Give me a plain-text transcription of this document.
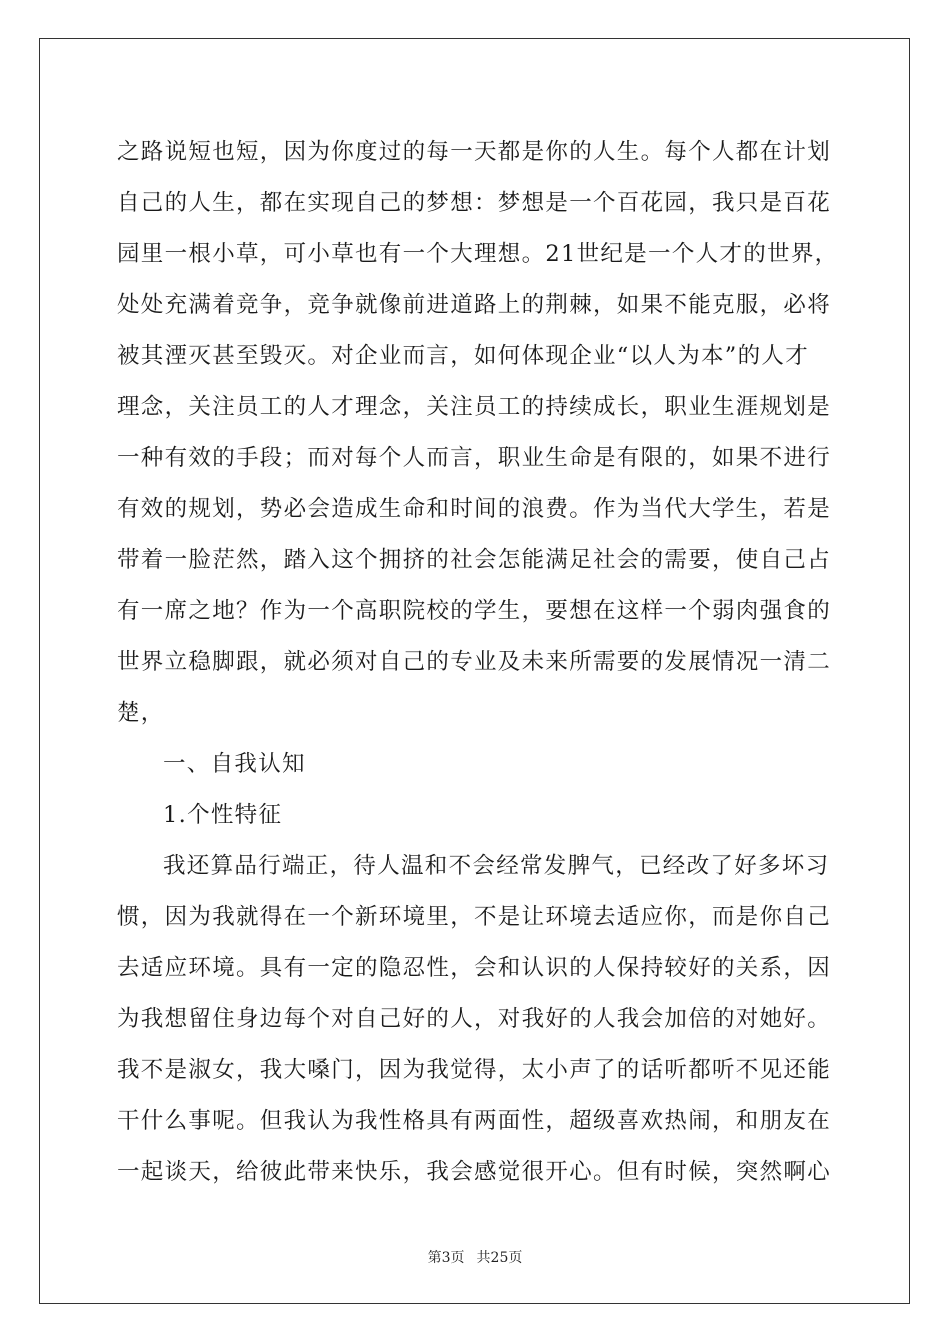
之路说短也短，因为你度过的每一天都是你的人生。每个人都在计划
自己的人生，都在实现自己的梦想：梦想是一个百花园，我只是百花
园里一根小草，可小草也有一个大理想。21世纪是一个人才的世界，
处处充满着竞争，竞争就像前进道路上的荆棘，如果不能克服，必将
被其湮灭甚至毁灭。对企业而言，如何体现企业“以人为本”的人才
理念，关注员工的人才理念，关注员工的持续成长，职业生涯规划是
一种有效的手段；而对每个人而言，职业生命是有限的，如果不进行
有效的规划，势必会造成生命和时间的浪费。作为当代大学生，若是
带着一脸茫然，踏入这个拥挤的社会怎能满足社会的需要，使自己占
有一席之地？作为一个高职院校的学生，要想在这样一个弱肉强食的
世界立稳脚跟，就必须对自己的专业及未来所需要的发展情况一清二
楚，
一、自我认知
1.个性特征
我还算品行端正，待人温和不会经常发脾气，已经改了好多坏习
惯，因为我就得在一个新环境里，不是让环境去适应你，而是你自己
去适应环境。具有一定的隐忍性，会和认识的人保持较好的关系，因
为我想留住身边每个对自己好的人，对我好的人我会加倍的对她好。
我不是淑女，我大嗓门，因为我觉得，太小声了的话听都听不见还能
干什么事呢。但我认为我性格具有两面性，超级喜欢热闹，和朋友在
一起谈天，给彼此带来快乐，我会感觉很开心。但有时候，突然啊心
第3页 共25页
